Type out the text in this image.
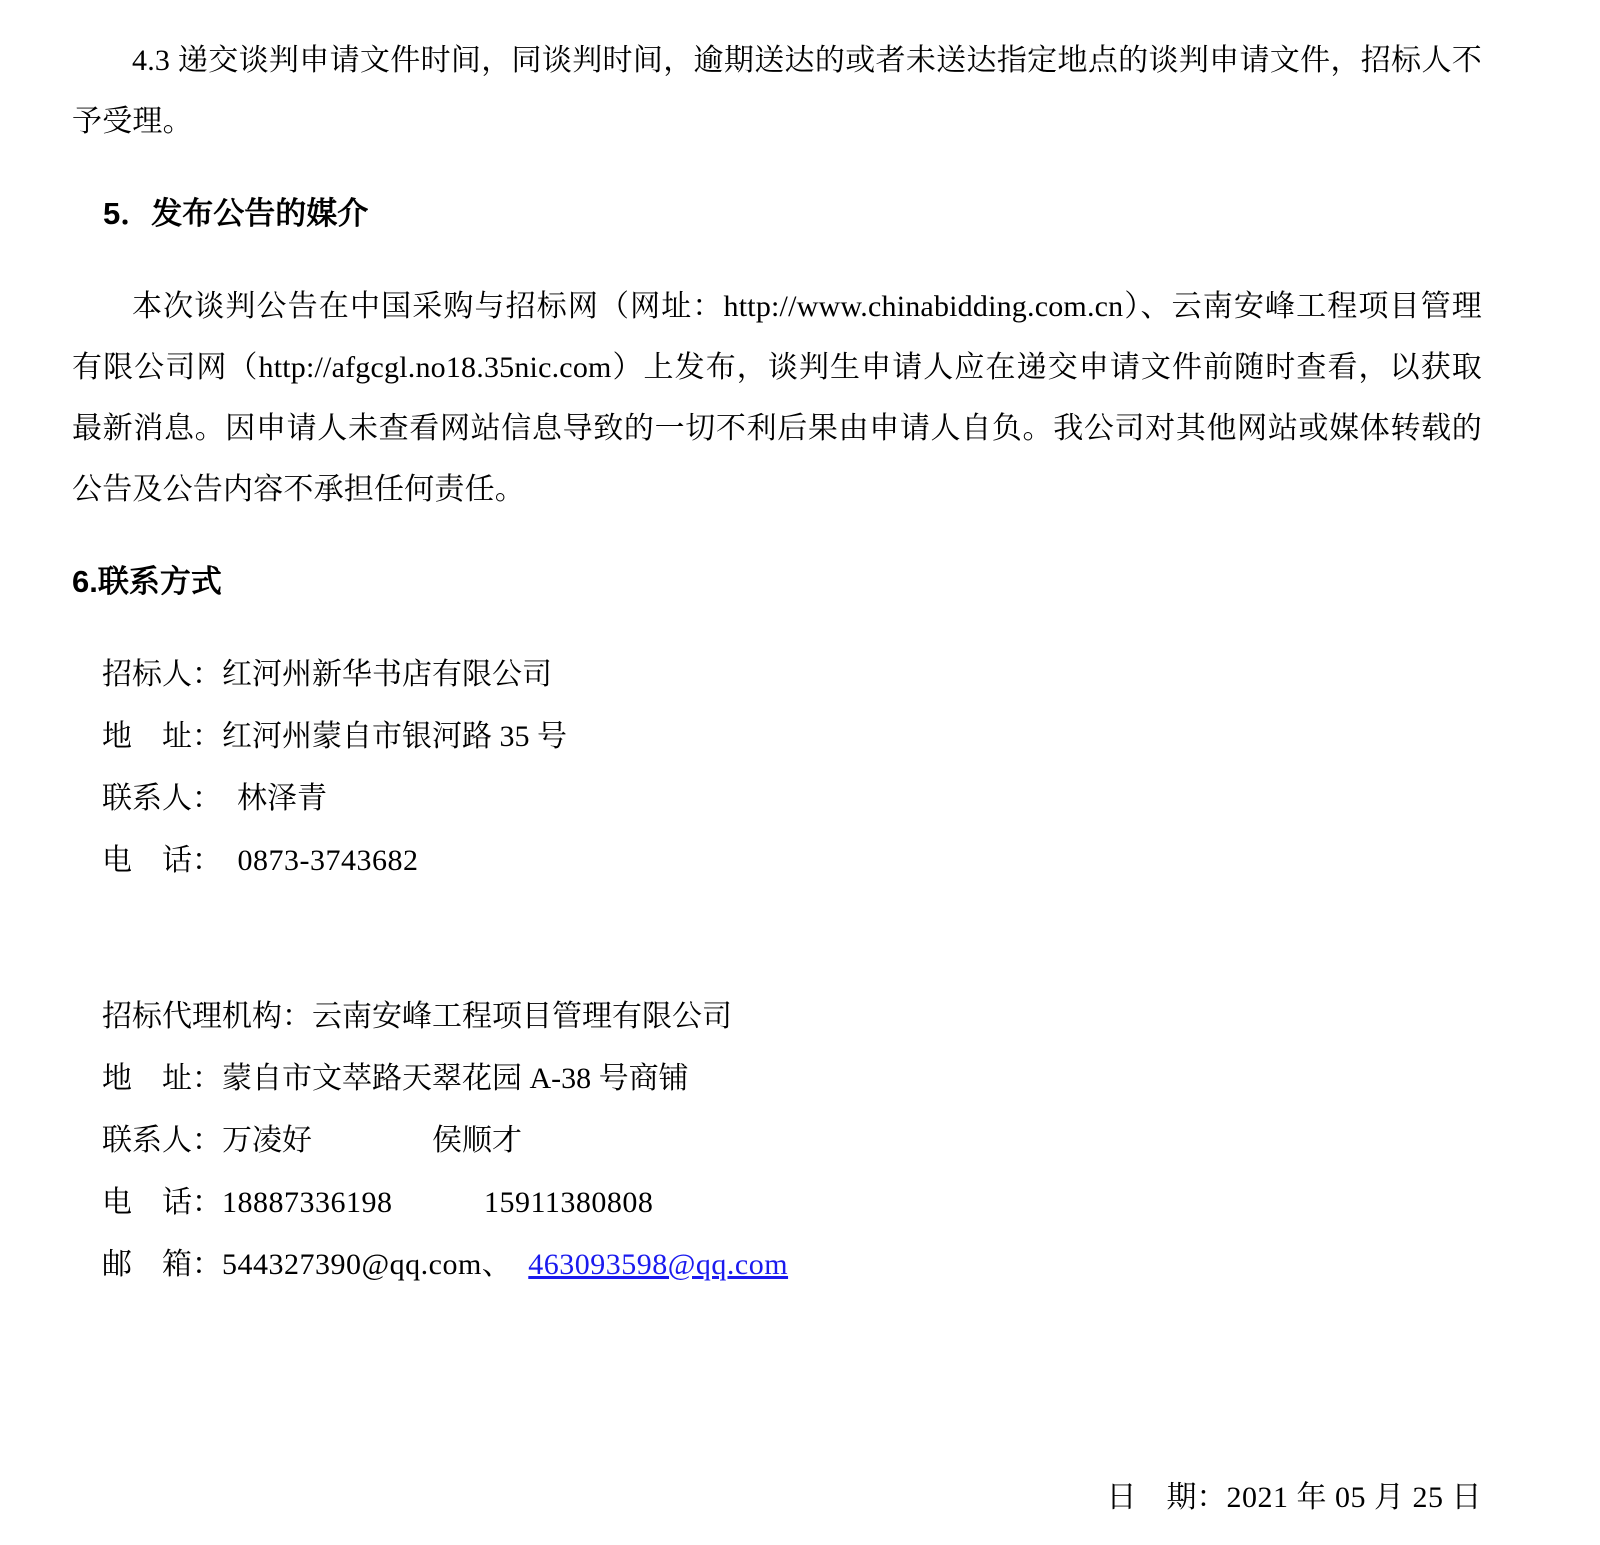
4.3 递交谈判申请文件时间，同谈判时间，逾期送达的或者未送达指定地点的谈判申请文件，招标人不予受理。

5．发布公告的媒介

本次谈判公告在中国采购与招标网（网址：http://www.chinabidding.com.cn）、云南安峰工程项目管理有限公司网（http://afgcgl.no18.35nic.com）上发布，谈判生申请人应在递交申请文件前随时查看，以获取最新消息。因申请人未查看网站信息导致的一切不利后果由申请人自负。我公司对其他网站或媒体转载的公告及公告内容不承担任何责任。

6.联系方式

招标人：红河州新华书店有限公司
地　址：红河州蒙自市银河路 35 号
联系人：　林泽青
电　话：　0873-3743682
招标代理机构：云南安峰工程项目管理有限公司
地　址：蒙自市文萃路天翠花园 A-38 号商铺
联系人：万凌好　　　　侯顺才
电　话：18887336198　　　15911380808
邮　箱：544327390@qq.com、 463093598@qq.com
日　期：2021 年 05 月 25 日
